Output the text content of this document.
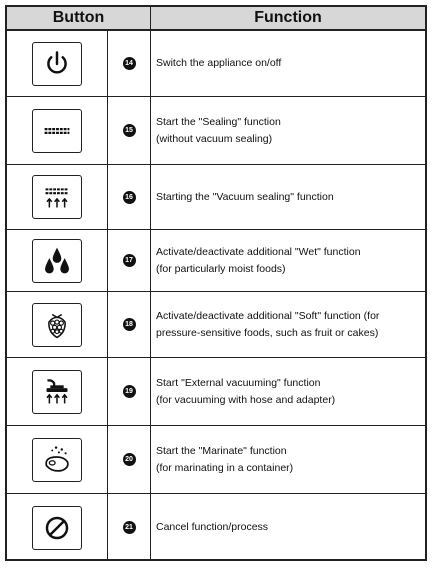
Button	Function
14 Switch the appliance on/off
15
Start the "Sealing" function
(without vacuum sealing)
16 Starting the "Vacuum sealing" function
17
Activate/deactivate additional "Wet" function
(for particularly moist foods)
18
Activate/deactivate additional "Soft" function (for
pressure-sensitive foods, such as fruit or cakes)
19
Start "External vacuuming" function
(for vacuuming with hose and adapter)
20
Start the "Marinate" function
(for marinating in a container)
21 Cancel function/process
